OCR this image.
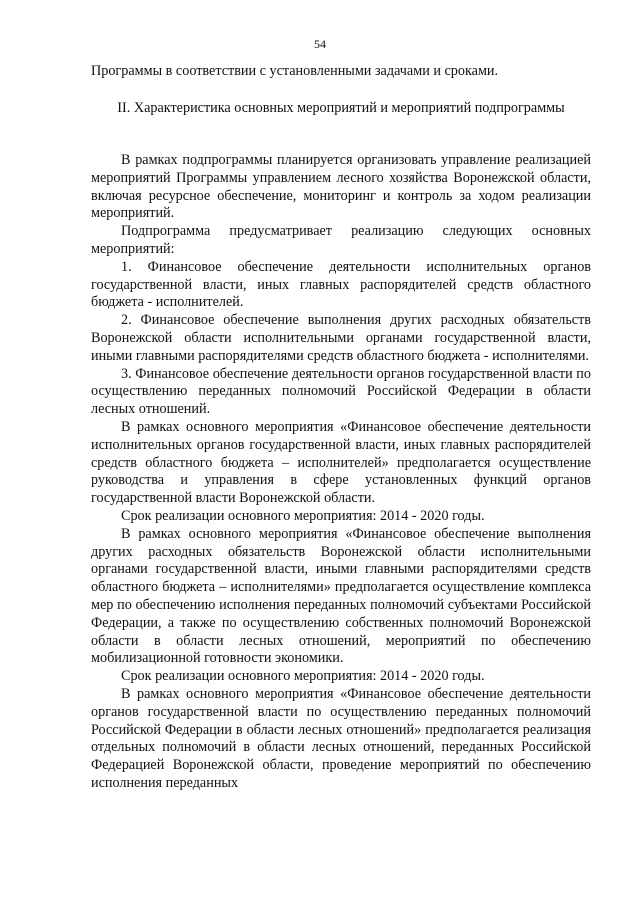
54

Программы в соответствии с установленными задачами и сроками.

II. Характеристика основных мероприятий и мероприятий подпрограммы

В рамках подпрограммы планируется организовать управление реализацией мероприятий Программы управлением лесного хозяйства Воронежской области, включая ресурсное обеспечение, мониторинг и контроль за ходом реализации мероприятий.

Подпрограмма предусматривает реализацию следующих основных мероприятий:

1. Финансовое обеспечение деятельности исполнительных органов государственной власти, иных главных распорядителей средств областного бюджета - исполнителей.

2. Финансовое обеспечение выполнения других расходных обязательств Воронежской области исполнительными органами государственной власти, иными главными распорядителями средств областного бюджета - исполнителями.

3. Финансовое обеспечение деятельности органов государственной власти по осуществлению переданных полномочий Российской Федерации в области лесных отношений.

В рамках основного мероприятия «Финансовое обеспечение деятельности исполнительных органов государственной власти, иных главных распорядителей средств областного бюджета – исполнителей» предполагается осуществление руководства и управления в сфере установленных функций органов государственной власти Воронежской области.

Срок реализации основного мероприятия: 2014 - 2020 годы.

В рамках основного мероприятия «Финансовое обеспечение выполнения других расходных обязательств Воронежской области исполнительными органами государственной власти, иными главными распорядителями средств областного бюджета – исполнителями» предполагается осуществление комплекса мер по обеспечению исполнения переданных полномочий субъектами Российской Федерации, а также по осуществлению собственных полномочий Воронежской области в области лесных отношений, мероприятий по обеспечению мобилизационной готовности экономики.

Срок реализации основного мероприятия: 2014 - 2020 годы.

В рамках основного мероприятия «Финансовое обеспечение деятельности органов государственной власти по осуществлению переданных полномочий Российской Федерации в области лесных отношений» предполагается реализация отдельных полномочий в области лесных отношений, переданных Российской Федерацией Воронежской области, проведение мероприятий по обеспечению исполнения переданных
